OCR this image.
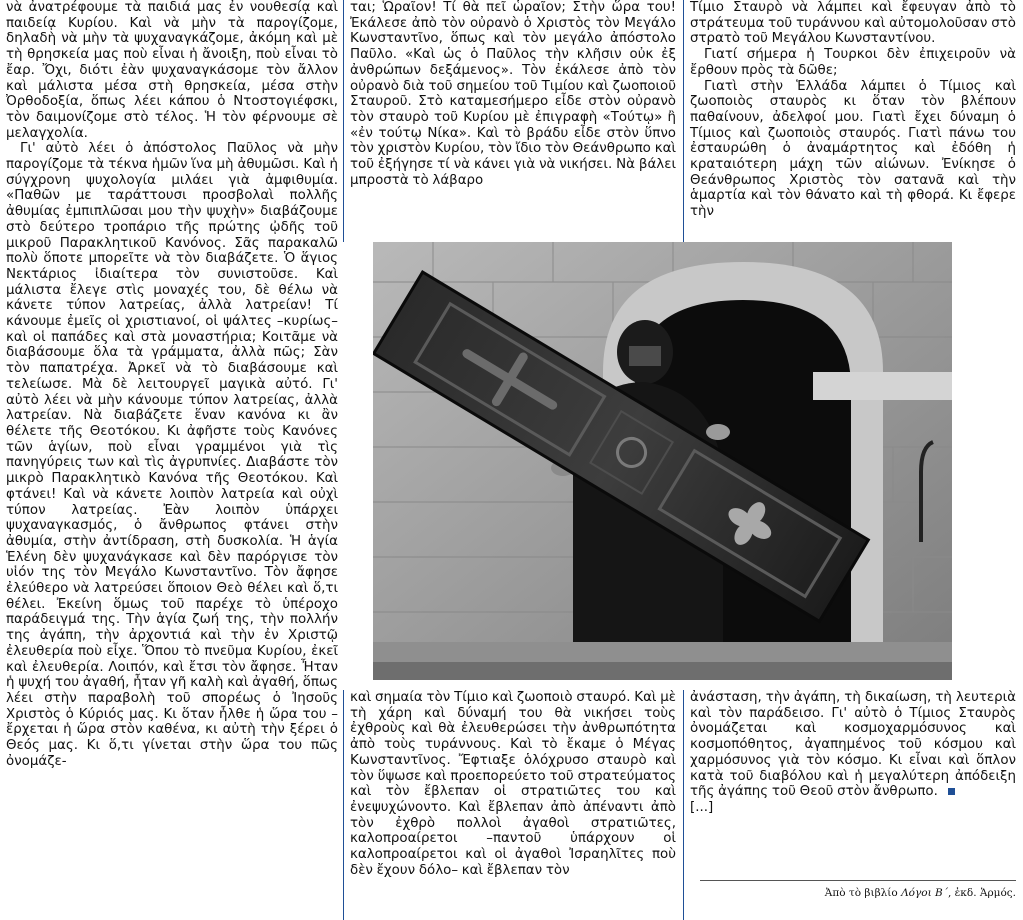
νὰ ἀνατρέφουμε τὰ παιδιά μας ἐν νουθεσίᾳ καὶ παιδείᾳ Κυρίου. Καὶ νὰ μὴν τὰ παρογίζομε, δηλαδὴ νὰ μὴν τὰ ψυχαναγκάζομε, ἀκόμη καὶ μὲ τὴ θρησκεία μας ποὺ εἶναι ἡ ἄνοιξη, ποὺ εἶναι τὸ ἔαρ. Ὄχι, διότι ἐὰν ψυχαναγκάσομε τὸν ἄλλον καὶ μάλιστα μέσα στὴ θρησκεία, μέσα στὴν Ὀρθοδοξία, ὅπως λέει κάπου ὁ Ντοστογιέφσκι, τὸν δαιμονίζομε στὸ τέλος. Ἡ τὸν φέρνουμε σὲ μελαγχολία.

Γι' αὐτὸ λέει ὁ ἀπόστολος Παῦλος νὰ μὴν παρογίζομε τὰ τέκνα ἡμῶν ἵνα μὴ ἀθυμῶσι. Καὶ ἡ σύγχρονη ψυχολογία μιλάει γιὰ ἀμφιθυμία. «Παθῶν με ταράττουσι προσβολαὶ πολλῆς ἀθυμίας ἐμπιπλῶσαι μου τὴν ψυχὴν» διαβάζουμε στὸ δεύτερο τροπάριο τῆς πρώτης ᾠδῆς τοῦ μικροῦ Παρακλητικοῦ Κανόνος. Σᾶς παρακαλῶ πολὺ ὅποτε μπορεῖτε νὰ τὸν διαβάζετε. Ὁ ἅγιος Νεκτάριος ἰδιαίτερα τὸν συνιστοῦσε. Καὶ μάλιστα ἔλεγε στὶς μοναχές του, δὲ θέλω νὰ κάνετε τύπον λατρείας, ἀλλὰ λατρείαν! Τί κάνουμε ἐμεῖς οἱ χριστιανοί, οἱ ψάλτες –κυρίως– καὶ οἱ παπάδες καὶ στὰ μοναστήρια; Κοιτᾶμε νὰ διαβάσουμε ὅλα τὰ γράμματα, ἀλλὰ πῶς; Σὰν τὸν παπατρέχα. Ἀρκεῖ νὰ τὸ διαβάσουμε καὶ τελείωσε. Μὰ δὲ λειτουργεῖ μαγικὰ αὐτό. Γι' αὐτὸ λέει νὰ μὴν κάνουμε τύπον λατρείας, ἀλλὰ λατρείαν. Νὰ διαβάζετε ἕναν κανόνα κι ἂν θέλετε τῆς Θεοτόκου. Κι ἀφῆστε τοὺς Κανόνες τῶν ἁγίων, ποὺ εἶναι γραμμένοι γιὰ τὶς πανηγύρεις των καὶ τὶς ἀγρυπνίες. Διαβάστε τὸν μικρὸ Παρακλητικὸ Κανόνα τῆς Θεοτόκου. Καὶ φτάνει! Καὶ νὰ κάνετε λοιπὸν λατρεία καὶ οὐχὶ τύπον λατρείας. Ἐὰν λοιπὸν ὑπάρχει ψυχαναγκασμός, ὁ ἄνθρωπος φτάνει στὴν ἀθυμία, στὴν ἀντίδραση, στὴ δυσκολία. Ἡ ἁγία Ἑλένη δὲν ψυχανάγκασε καὶ δὲν παρόργισε τὸν υἱόν της τὸν Μεγάλο Κωνσταντῖνο. Τὸν ἄφησε ἐλεύθερο νὰ λατρεύσει ὅποιον Θεὸ θέλει καὶ ὅ,τι θέλει. Ἐκείνη ὅμως τοῦ παρέχε τὸ ὑπέροχο παράδειγμά της. Τὴν ἁγία ζωή της, τὴν πολλήν της ἀγάπη, τὴν ἀρχοντιά καὶ τὴν ἐν Χριστῷ ἐλευθερία ποὺ εἶχε. Ὅπου τὸ πνεῦμα Κυρίου, ἐκεῖ καὶ ἐλευθερία. Λοιπόν, καὶ ἔτσι τὸν ἄφησε. Ἦταν ἡ ψυχή του ἀγαθή, ἦταν γῆ καλὴ καὶ ἀγαθή, ὅπως λέει στὴν παραβολὴ τοῦ σπορέως ὁ Ἰησοῦς Χριστὸς ὁ Κύριός μας. Κι ὅταν ἦλθε ἡ ὥρα του – ἔρχεται ἡ ὥρα στὸν καθένα, κι αὐτὴ τὴν ξέρει ὁ Θεός μας. Κι ὅ,τι γίνεται στὴν ὥρα του πῶς ὀνομάζε-

ται; Ὡραῖον! Τί θὰ πεῖ ὡραῖον; Στὴν ὥρα του! Ἐκάλεσε ἀπὸ τὸν οὐρανὸ ὁ Χριστὸς τὸν Μεγάλο Κωνσταντῖνο, ὅπως καὶ τὸν μεγάλο ἀπόστολο Παῦλο. «Καὶ ὡς ὁ Παῦλος τὴν κλῆσιν οὐκ ἐξ ἀνθρώπων δεξάμενος». Τὸν ἐκάλεσε ἀπὸ τὸν οὐρανὸ διὰ τοῦ σημείου τοῦ Τιμίου καὶ ζωοποιοῦ Σταυροῦ. Στὸ καταμεσήμερο εἶδε στὸν οὐρανὸ τὸν σταυρὸ τοῦ Κυρίου μὲ ἐπιγραφὴ «Τούτῳ» ἢ «ἐν τούτῳ Νίκα». Καὶ τὸ βράδυ εἶδε στὸν ὕπνο τὸν χριστὸν Κυρίου, τὸν ἴδιο τὸν Θεάνθρωπο καὶ τοῦ ἐξήγησε τί νὰ κάνει γιὰ νὰ νικήσει. Νὰ βάλει μπροστὰ τὸ λάβαρο

Τίμιο Σταυρὸ νὰ λάμπει καὶ ἔφευγαν ἀπὸ τὸ στράτευμα τοῦ τυράννου καὶ αὐτομολοῦσαν στὸ στρατὸ τοῦ Μεγάλου Κωνσταντίνου.

Γιατί σήμερα ἡ Τουρκοι δὲν ἐπιχειροῦν νὰ ἔρθουν πρὸς τὰ δῶθε;

Γιατὶ στὴν Ἑλλάδα λάμπει ὁ Τίμιος καὶ ζωοποιὸς σταυρὸς κι ὅταν τὸν βλέπουν παθαίνουν, ἀδελφοί μου. Γιατὶ ἔχει δύναμη ὁ Τίμιος καὶ ζωοποιὸς σταυρός. Γιατὶ πάνω του ἐσταυρώθη ὁ ἀναμάρτητος καὶ ἐδόθη ἡ κραταιότερη μάχη τῶν αἰώνων. Ἐνίκησε ὁ Θεάνθρωπος Χριστὸς τὸν σατανᾶ καὶ τὴν ἁμαρτία καὶ τὸν θάνατο καὶ τὴ φθορά. Κι ἔφερε τὴν

καὶ σημαία τὸν Τίμιο καὶ ζωοποιὸ σταυρό. Καὶ μὲ τὴ χάρη καὶ δύναμή του θὰ νικήσει τοὺς ἐχθροὺς καὶ θὰ ἐλευθερώσει τὴν ἀνθρωπότητα ἀπὸ τοὺς τυράννους. Καὶ τὸ ἔκαμε ὁ Μέγας Κωνσταντῖνος. Ἔφτιαξε ὁλόχρυσο σταυρὸ καὶ τὸν ὕψωσε καὶ προεπορεύετο τοῦ στρατεύματος καὶ τὸν ἔβλεπαν οἱ στρατιῶτες του καὶ ἐνεψυχώνοντο. Καὶ ἔβλεπαν ἀπὸ ἀπέναντι ἀπὸ τὸν ἐχθρὸ πολλοὶ ἀγαθοὶ στρατιῶτες, καλοπροαίρετοι –παντοῦ ὑπάρχουν οἱ καλοπροαίρετοι καὶ οἱ ἀγαθοὶ Ἰσραηλῖτες ποὺ δὲν ἔχουν δόλο– καὶ ἔβλεπαν τὸν

ἀνάσταση, τὴν ἀγάπη, τὴ δικαίωση, τὴ λευτεριὰ καὶ τὸν παράδεισο. Γι' αὐτὸ ὁ Τίμιος Σταυρὸς ὀνομάζεται καὶ κοσμοχαρμόσυνος καὶ κοσμοπόθητος, ἀγαπημένος τοῦ κόσμου καὶ χαρμόσυνος γιὰ τὸν κόσμο. Κι εἶναι καὶ ὅπλον κατὰ τοῦ διαβόλου καὶ ἡ μεγαλύτερη ἀπόδειξη τῆς ἀγάπης τοῦ Θεοῦ στὸν ἄνθρωπο.
[...]

Ἀπὸ τὸ βιβλίο Λόγοι Β΄, ἐκδ. Ἁρμός.
